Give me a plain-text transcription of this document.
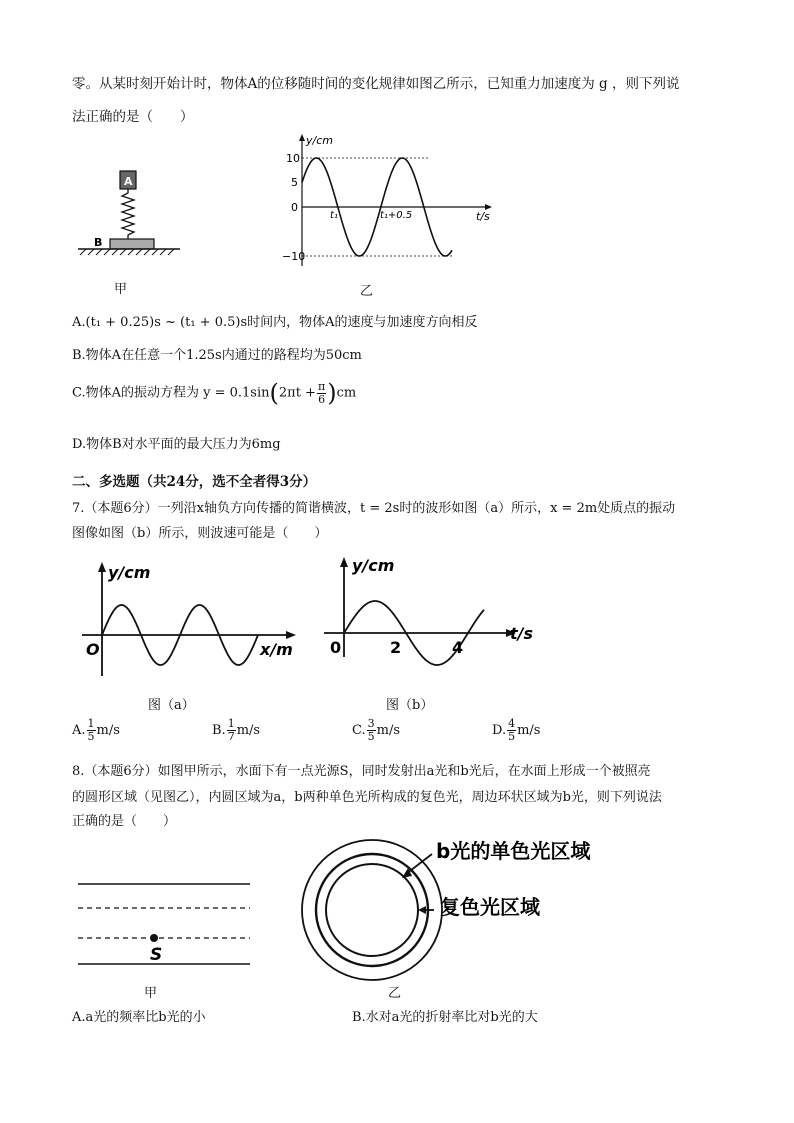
零。从某时刻开始计时，物体A的位移随时间的变化规律如图乙所示，已知重力加速度为 g ，则下列说
法正确的是（　　）
A
B
甲
y/cm
t/s
10
5
0
−10
t₁	t₁+0.5
乙
A.(t₁ + 0.25)s ~ (t₁ + 0.5)s时间内，物体A的速度与加速度方向相反
B.物体A在任意一个1.25s内通过的路程均为50cm
C.物体A的振动方程为 $y = 0.1\sin(2\pi t + \frac{\pi}{6} )cm$
D.物体B对水平面的最大压力为6mg
二、多选题（共24分，选不全者得3分）
7.（本题6分）一列沿x轴负方向传播的简谐横波，t = 2s时的波形如图（a）所示，x = 2m处质点的振动
图像如图（b）所示，则波速可能是（　　）
y/cm
x/m
O
图（a）
y/cm
t/s
0	2	4
图（b）
A. $\frac{1}{5} m/s$	B. $\frac{1}{7} m/s$	C. $\frac{3}{5} m/s$	D. $\frac{4}{5} m/s$
8.（本题6分）如图甲所示，水面下有一点光源S，同时发射出a光和b光后，在水面上形成一个被照亮
的圆形区域（见图乙），内圆区域为a，b两种单色光所构成的复色光，周边环状区域为b光，则下列说法
正确的是（　　）
S
甲
b光的单色光区域
复色光区域
乙
A.a光的频率比b光的小	B.水对a光的折射率比对b光的大
